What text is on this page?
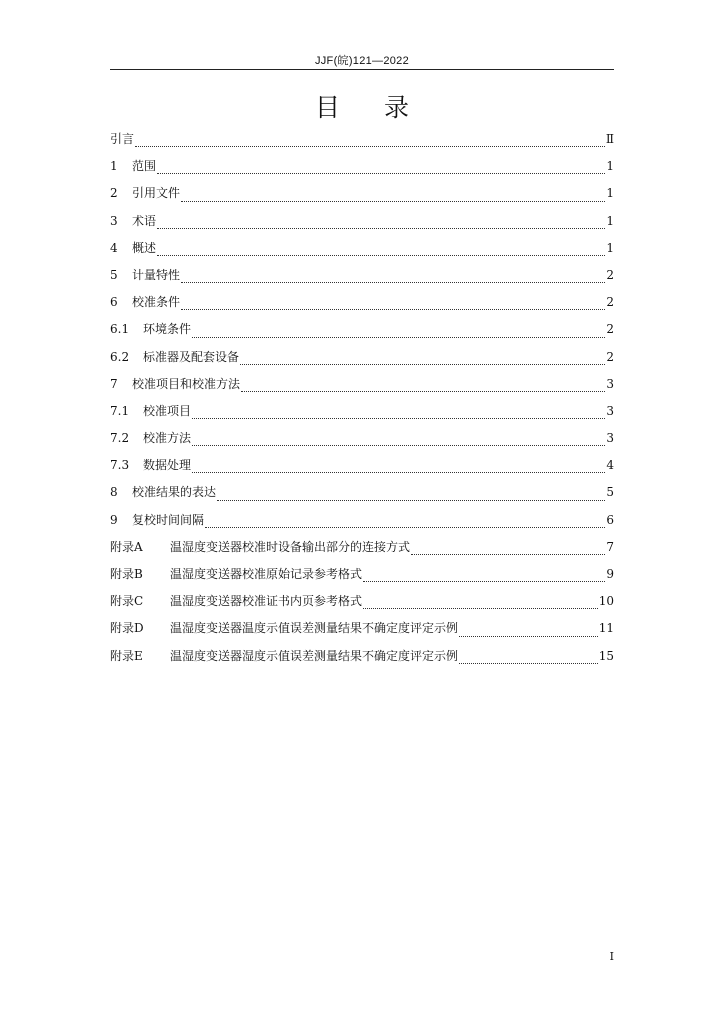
JJF(皖)121—2022
目录
引言	Ⅱ
1	范围	1
2	引用文件	1
3	术语	1
4	概述	1
5	计量特性	2
6	校准条件	2
6.1	环境条件	2
6.2	标准器及配套设备	2
7	校准项目和校准方法	3
7.1	校准项目	3
7.2	校准方法	3
7.3	数据处理	4
8	校准结果的表达	5
9	复校时间间隔	6
附录A	温湿度变送器校准时设备输出部分的连接方式	7
附录B	温湿度变送器校准原始记录参考格式	9
附录C	温湿度变送器校准证书内页参考格式	10
附录D	温湿度变送器温度示值误差测量结果不确定度评定示例	11
附录E	温湿度变送器湿度示值误差测量结果不确定度评定示例	15
I
